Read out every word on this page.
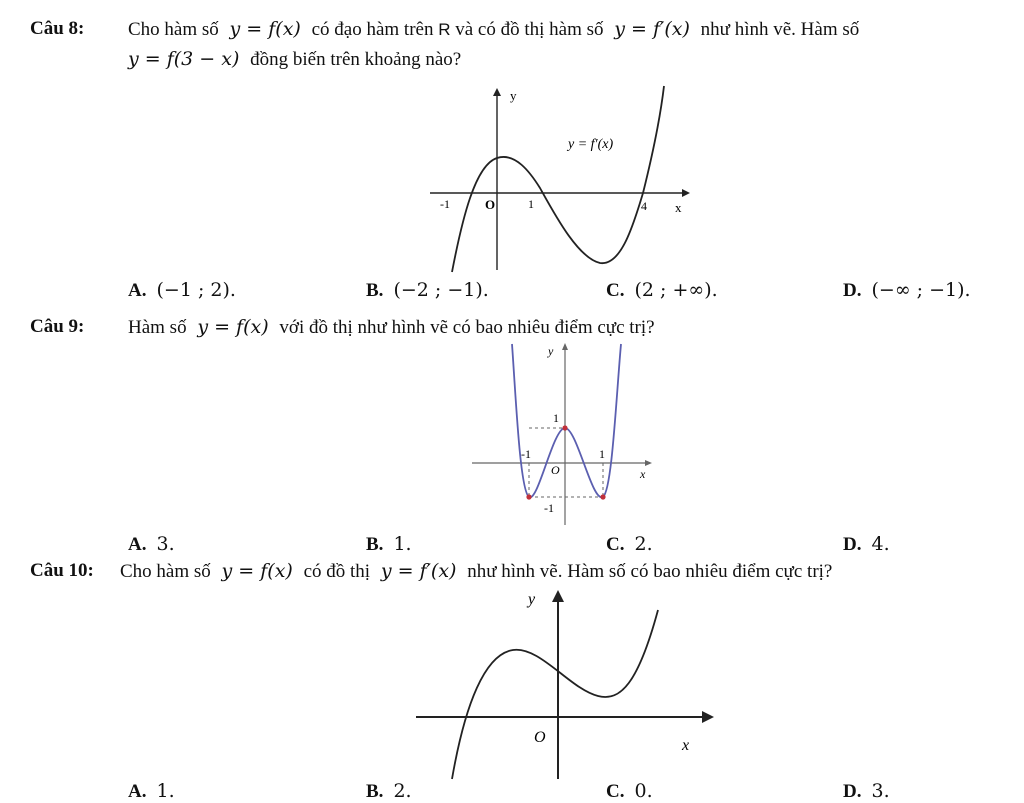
Câu 8: Cho hàm số y = f(x) có đạo hàm trên R và có đồ thị hàm số y = f′(x) như hình vẽ. Hàm số
y = f(3 − x) đồng biến trên khoảng nào?
y
x
y = f′(x)
-1	O	1	4
A. (−1 ; 2).	B. (−2 ; −1).	C. (2 ; +∞).	D. (−∞ ; −1).
Câu 9: Hàm số y = f(x) với đồ thị như hình vẽ có bao nhiêu điểm cực trị?
y
x
1
-1	1
O
-1
A. 3.	B. 1.	C. 2.	D. 4.
Câu 10: Cho hàm số y = f(x) có đồ thị y = f′(x) như hình vẽ. Hàm số có bao nhiêu điểm cực trị?
y
x
O
A. 1.	B. 2.	C. 0.	D. 3.
